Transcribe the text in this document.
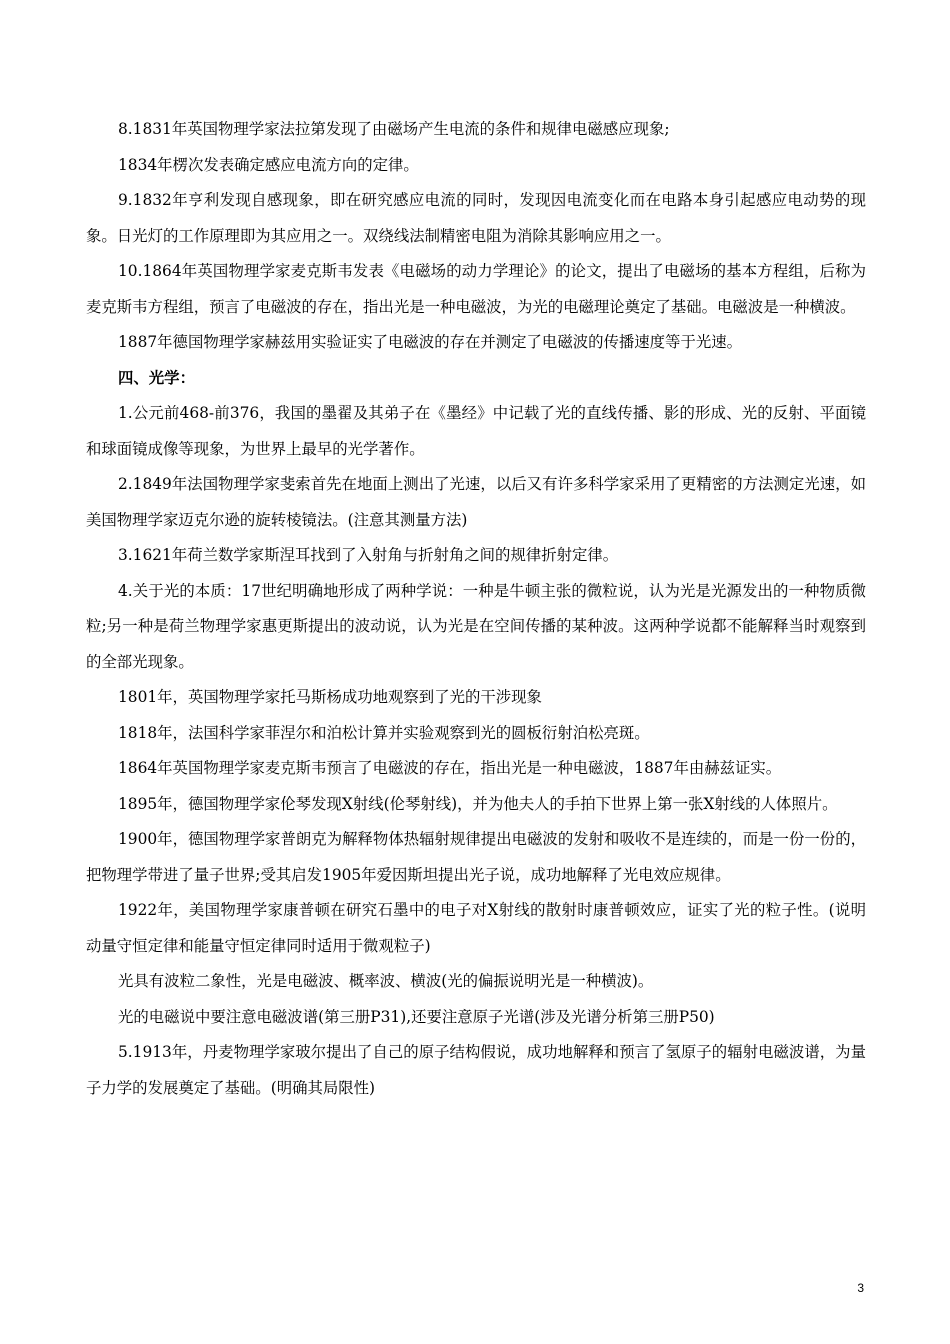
8.1831年英国物理学家法拉第发现了由磁场产生电流的条件和规律电磁感应现象;

1834年楞次发表确定感应电流方向的定律。

9.1832年亨利发现自感现象，即在研究感应电流的同时，发现因电流变化而在电路本身引起感应电动势的现象。日光灯的工作原理即为其应用之一。双绕线法制精密电阻为消除其影响应用之一。

10.1864年英国物理学家麦克斯韦发表《电磁场的动力学理论》的论文，提出了电磁场的基本方程组，后称为麦克斯韦方程组，预言了电磁波的存在，指出光是一种电磁波，为光的电磁理论奠定了基础。电磁波是一种横波。

1887年德国物理学家赫兹用实验证实了电磁波的存在并测定了电磁波的传播速度等于光速。

四、光学：

1.公元前468-前376，我国的墨翟及其弟子在《墨经》中记载了光的直线传播、影的形成、光的反射、平面镜和球面镜成像等现象，为世界上最早的光学著作。

2.1849年法国物理学家斐索首先在地面上测出了光速，以后又有许多科学家采用了更精密的方法测定光速，如美国物理学家迈克尔逊的旋转棱镜法。(注意其测量方法)

3.1621年荷兰数学家斯涅耳找到了入射角与折射角之间的规律折射定律。

4.关于光的本质：17世纪明确地形成了两种学说：一种是牛顿主张的微粒说，认为光是光源发出的一种物质微粒;另一种是荷兰物理学家惠更斯提出的波动说，认为光是在空间传播的某种波。这两种学说都不能解释当时观察到的全部光现象。

1801年，英国物理学家托马斯杨成功地观察到了光的干涉现象

1818年，法国科学家菲涅尔和泊松计算并实验观察到光的圆板衍射泊松亮斑。

1864年英国物理学家麦克斯韦预言了电磁波的存在，指出光是一种电磁波，1887年由赫兹证实。

1895年，德国物理学家伦琴发现X射线(伦琴射线)，并为他夫人的手拍下世界上第一张X射线的人体照片。

1900年，德国物理学家普朗克为解释物体热辐射规律提出电磁波的发射和吸收不是连续的，而是一份一份的，把物理学带进了量子世界;受其启发1905年爱因斯坦提出光子说，成功地解释了光电效应规律。

1922年，美国物理学家康普顿在研究石墨中的电子对X射线的散射时康普顿效应，证实了光的粒子性。(说明动量守恒定律和能量守恒定律同时适用于微观粒子)

光具有波粒二象性，光是电磁波、概率波、横波(光的偏振说明光是一种横波)。

光的电磁说中要注意电磁波谱(第三册P31),还要注意原子光谱(涉及光谱分析第三册P50)

5.1913年，丹麦物理学家玻尔提出了自己的原子结构假说，成功地解释和预言了氢原子的辐射电磁波谱，为量子力学的发展奠定了基础。(明确其局限性)

3
